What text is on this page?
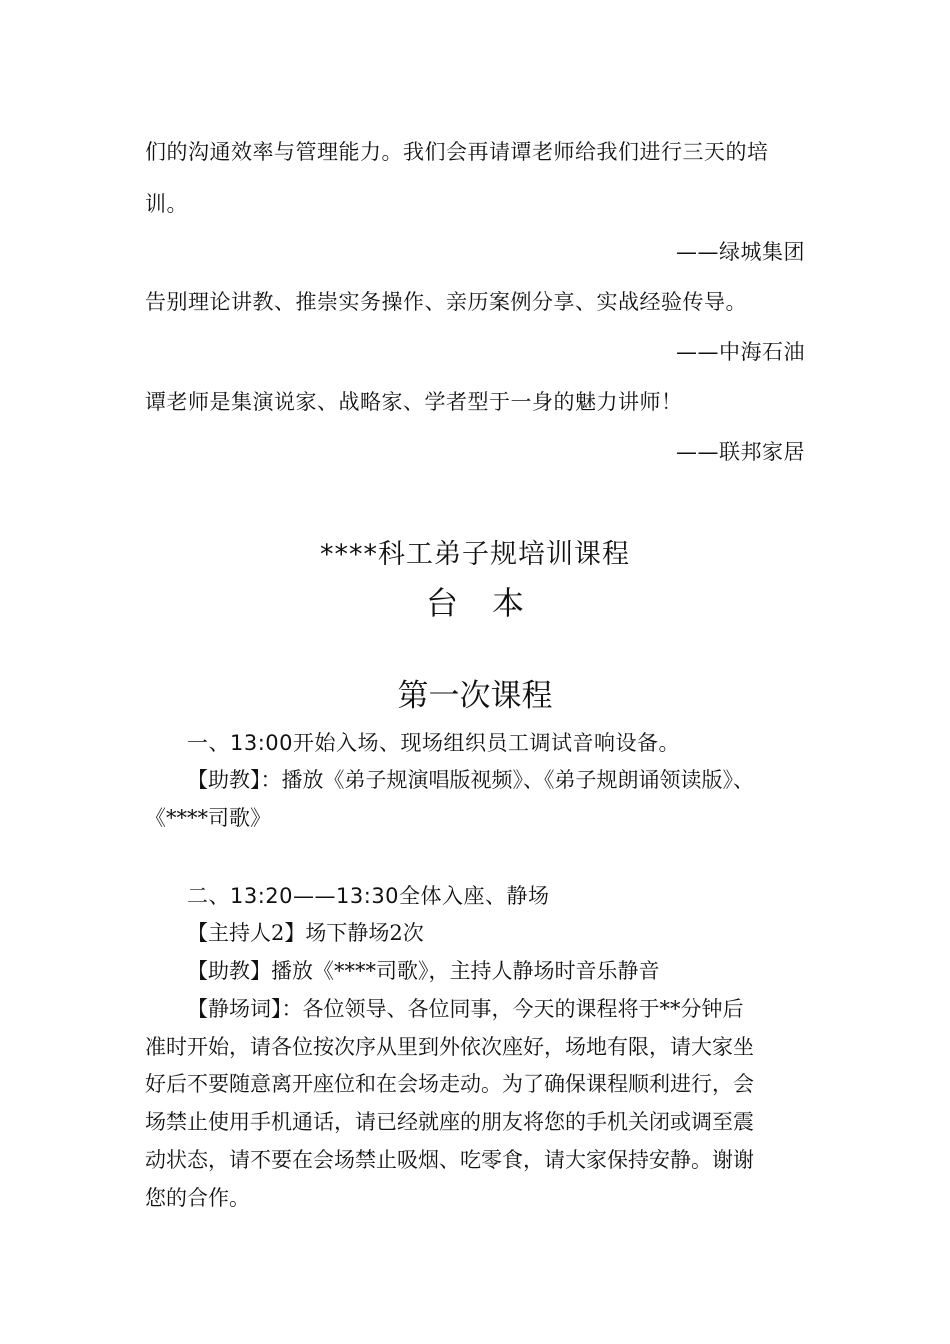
们的沟通效率与管理能力。我们会再请谭老师给我们进行三天的培
训。
——绿城集团
告别理论讲教、推崇实务操作、亲历案例分享、实战经验传导。
——中海石油
谭老师是集演说家、战略家、学者型于一身的魅力讲师！
——联邦家居
****科工弟子规培训课程
台本
第一次课程
一、13:00开始入场、现场组织员工调试音响设备。
【助教】：播放《弟子规演唱版视频》、《弟子规朗诵领读版》、
《****司歌》
二、13:20——13:30全体入座、静场
【主持人2】场下静场2次
【助教】播放《****司歌》，主持人静场时音乐静音
【静场词】：各位领导、各位同事，今天的课程将于**分钟后
准时开始，请各位按次序从里到外依次座好，场地有限，请大家坐
好后不要随意离开座位和在会场走动。为了确保课程顺利进行，会
场禁止使用手机通话，请已经就座的朋友将您的手机关闭或调至震
动状态，请不要在会场禁止吸烟、吃零食，请大家保持安静。谢谢
您的合作。
